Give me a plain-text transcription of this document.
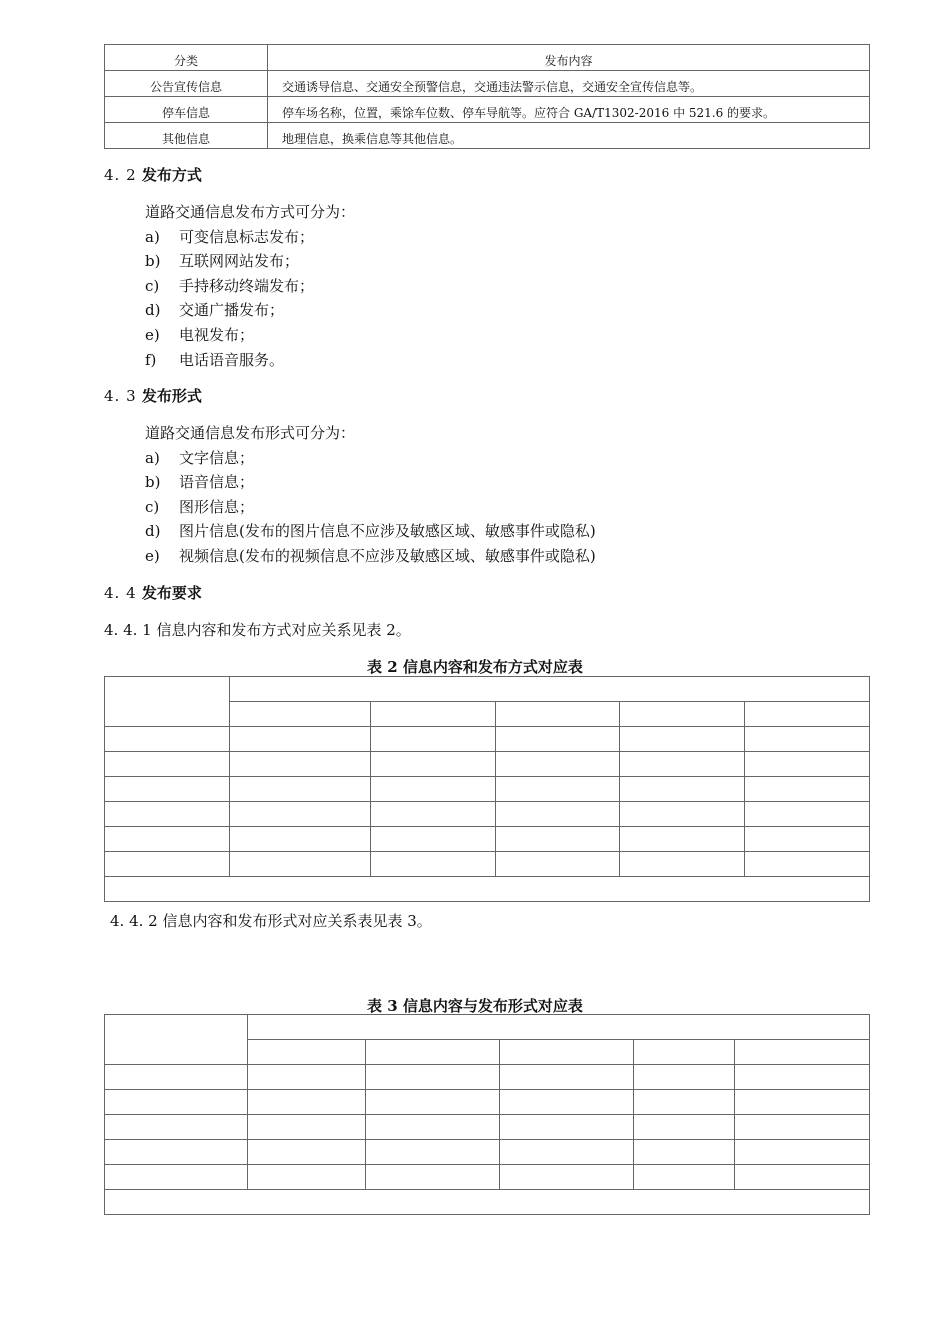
分类	发布内容
公告宣传信息	交通诱导信息、交通安全预警信息，交通违法警示信息，交通安全宣传信息等。
停车信息	停车场名称，位置，乘馀车位数、停车导航等。应符合 GA/T1302-2016 中 521.6 的要求。
其他信息	地理信息，换乘信息等其他信息。
4. 2 发布方式
道路交通信息发布方式可分为：
a) 可变信息标志发布；
b) 互联网网站发布；
c) 手持移动终端发布；
d) 交通广播发布；
e) 电视发布；
f) 电话语音服务。
4. 3 发布形式
道路交通信息发布形式可分为：
a) 文字信息；
b) 语音信息；
c) 图形信息；
d) 图片信息(发布的图片信息不应涉及敏感区域、敏感事件或隐私)
e) 视频信息(发布的视频信息不应涉及敏感区域、敏感事件或隐私)
4. 4 发布要求
4. 4. 1 信息内容和发布方式对应关系见表 2。
表 2 信息内容和发布方式对应表

4. 4. 2 信息内容和发布形式对应关系表见表 3。
表 3 信息内容与发布形式对应表
